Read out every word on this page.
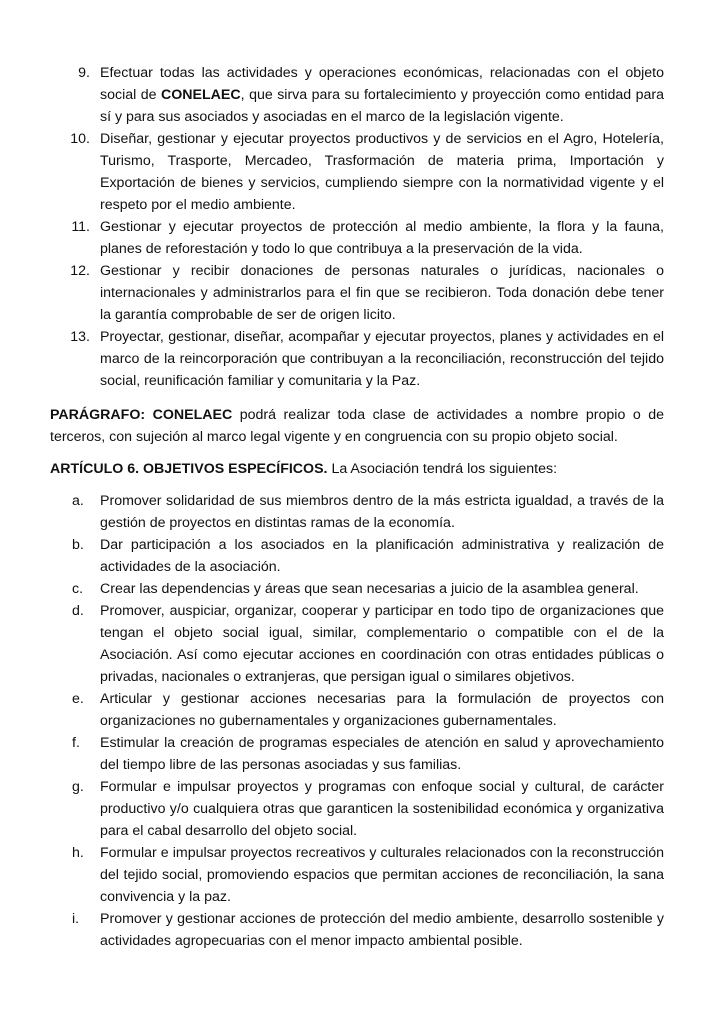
9. Efectuar todas las actividades y operaciones económicas, relacionadas con el objeto social de CONELAEC, que sirva para su fortalecimiento y proyección como entidad para sí y para sus asociados y asociadas en el marco de la legislación vigente.
10. Diseñar, gestionar y ejecutar proyectos productivos y de servicios en el Agro, Hotelería, Turismo, Trasporte, Mercadeo, Trasformación de materia prima, Importación y Exportación de bienes y servicios, cumpliendo siempre con la normatividad vigente y el respeto por el medio ambiente.
11. Gestionar y ejecutar proyectos de protección al medio ambiente, la flora y la fauna, planes de reforestación y todo lo que contribuya a la preservación de la vida.
12. Gestionar y recibir donaciones de personas naturales o jurídicas, nacionales o internacionales y administrarlos para el fin que se recibieron. Toda donación debe tener la garantía comprobable de ser de origen licito.
13. Proyectar, gestionar, diseñar, acompañar y ejecutar proyectos, planes y actividades en el marco de la reincorporación que contribuyan a la reconciliación, reconstrucción del tejido social, reunificación familiar y comunitaria y la Paz.

PARÁGRAFO: CONELAEC podrá realizar toda clase de actividades a nombre propio o de terceros, con sujeción al marco legal vigente y en congruencia con su propio objeto social.

ARTÍCULO 6. OBJETIVOS ESPECÍFICOS. La Asociación tendrá los siguientes:

a. Promover solidaridad de sus miembros dentro de la más estricta igualdad, a través de la gestión de proyectos en distintas ramas de la economía.
b. Dar participación a los asociados en la planificación administrativa y realización de actividades de la asociación.
c. Crear las dependencias y áreas que sean necesarias a juicio de la asamblea general.
d. Promover, auspiciar, organizar, cooperar y participar en todo tipo de organizaciones que tengan el objeto social igual, similar, complementario o compatible con el de la Asociación. Así como ejecutar acciones en coordinación con otras entidades públicas o privadas, nacionales o extranjeras, que persigan igual o similares objetivos.
e. Articular y gestionar acciones necesarias para la formulación de proyectos con organizaciones no gubernamentales y organizaciones gubernamentales.
f. Estimular la creación de programas especiales de atención en salud y aprovechamiento del tiempo libre de las personas asociadas y sus familias.
g. Formular e impulsar proyectos y programas con enfoque social y cultural, de carácter productivo y/o cualquiera otras que garanticen la sostenibilidad económica y organizativa para el cabal desarrollo del objeto social.
h. Formular e impulsar proyectos recreativos y culturales relacionados con la reconstrucción del tejido social, promoviendo espacios que permitan acciones de reconciliación, la sana convivencia y la paz.
i. Promover y gestionar acciones de protección del medio ambiente, desarrollo sostenible y actividades agropecuarias con el menor impacto ambiental posible.
